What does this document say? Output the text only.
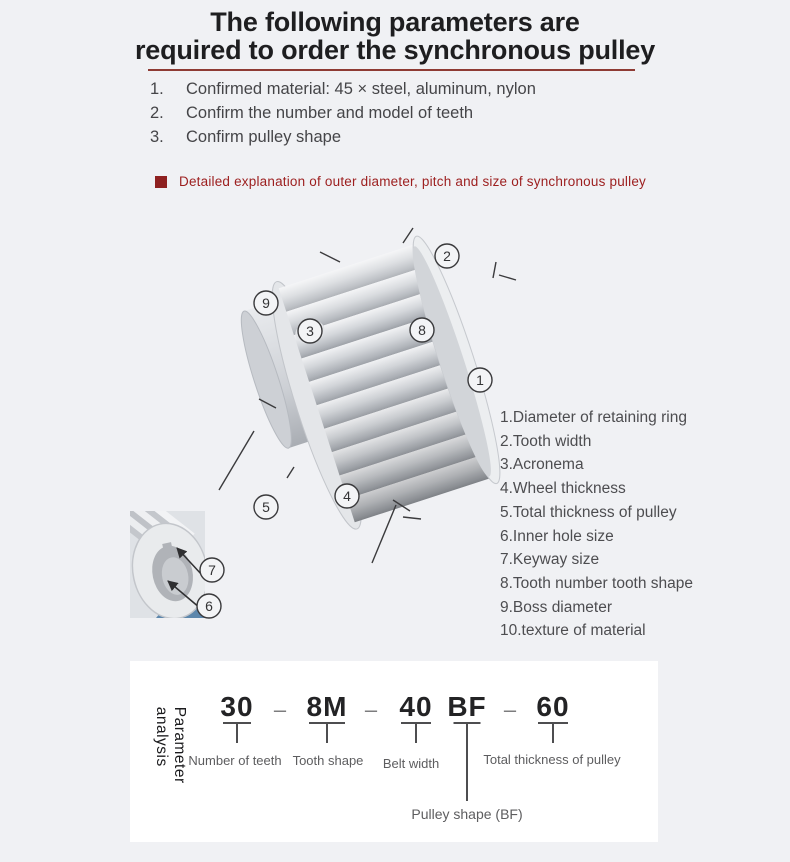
The following parameters are
required to order the synchronous pulley
1.	Confirmed material: 45 × steel, aluminum, nylon
2.	Confirm the number and model of teeth
3.	Confirm pulley shape
Detailed explanation of outer diameter, pitch and size of synchronous pulley
1
2
3
4
5
6
7
8
9
1.Diameter of retaining ring
2.Tooth width
3.Acronema
4.Wheel thickness
5.Total thickness of pulley
6.Inner hole size
7.Keyway size
8.Tooth number tooth shape
9.Boss diameter
10.texture of material
Parameter analysis	30 – 8M – 40 BF – 60
Number of teeth Tooth shape Belt width	Total thickness of pulley
Pulley shape (BF)
